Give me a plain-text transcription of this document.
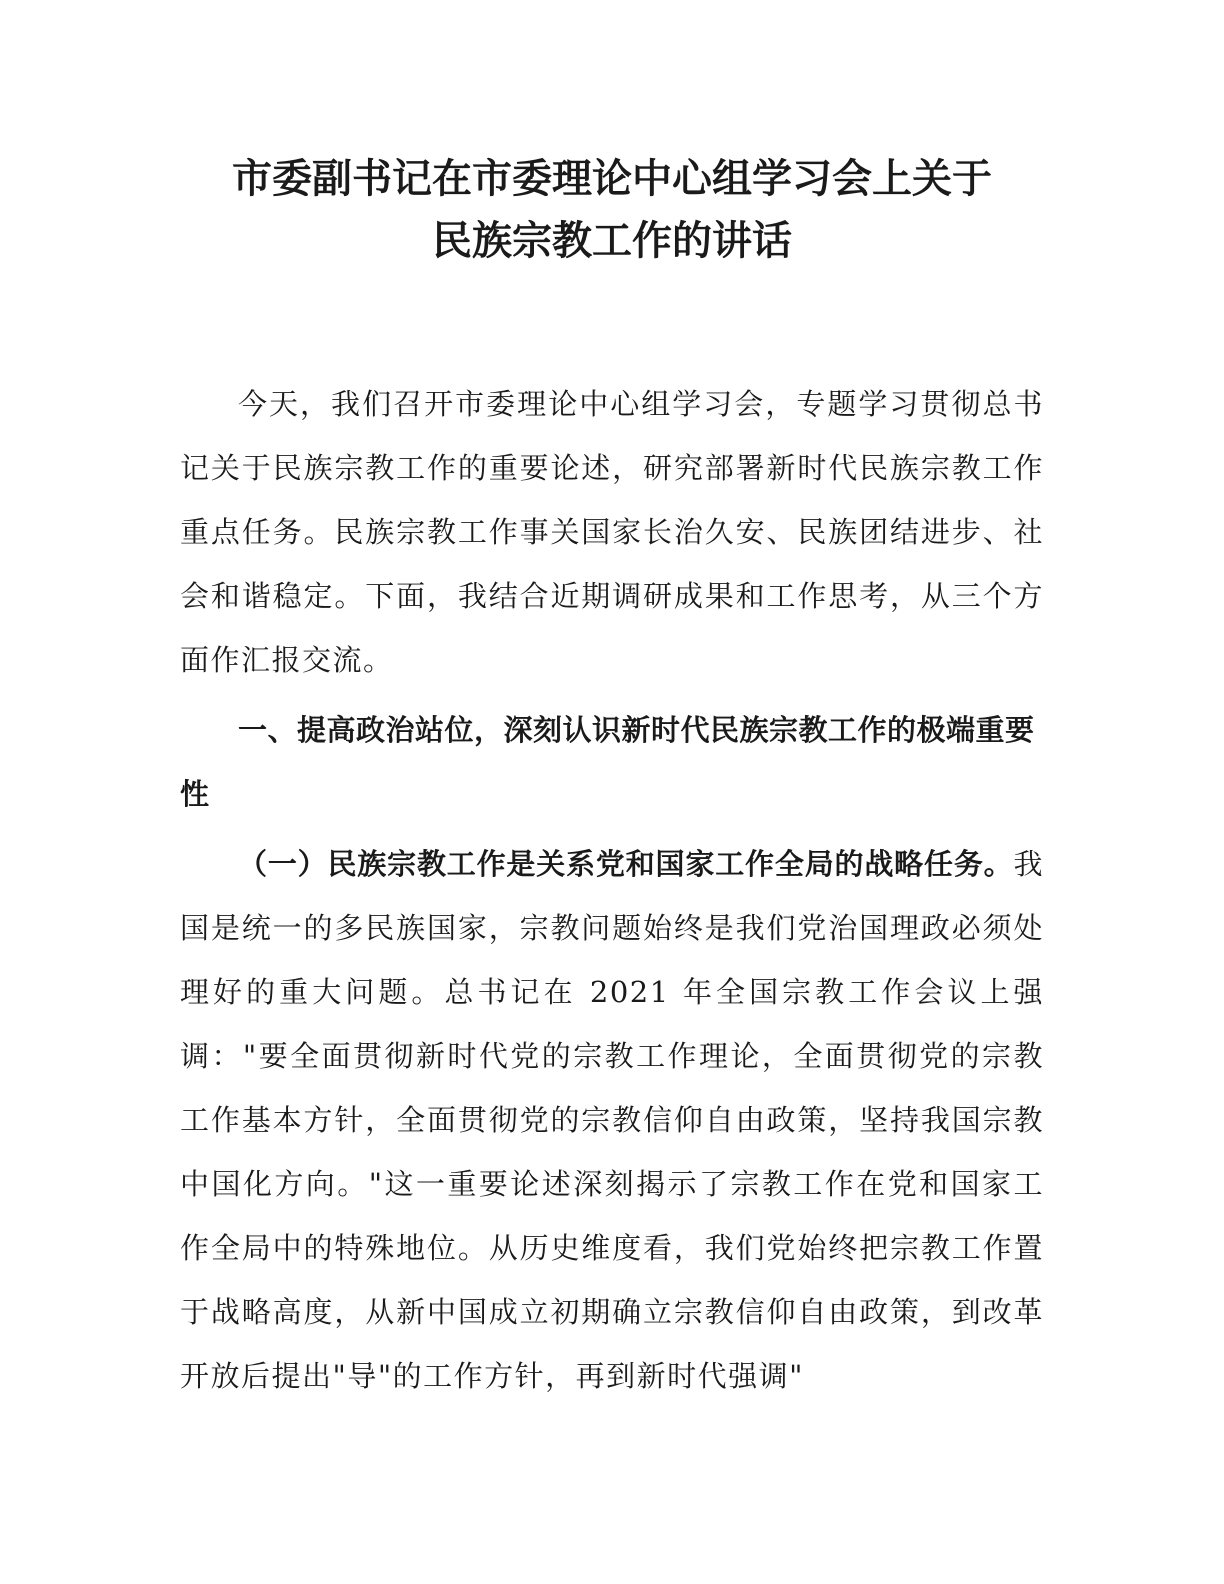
市委副书记在市委理论中心组学习会上关于
民族宗教工作的讲话

今天，我们召开市委理论中心组学习会，专题学习贯彻总书记关于民族宗教工作的重要论述，研究部署新时代民族宗教工作重点任务。民族宗教工作事关国家长治久安、民族团结进步、社会和谐稳定。下面，我结合近期调研成果和工作思考，从三个方面作汇报交流。

一、提高政治站位，深刻认识新时代民族宗教工作的极端重要性

（一）民族宗教工作是关系党和国家工作全局的战略任务。我国是统一的多民族国家，宗教问题始终是我们党治国理政必须处理好的重大问题。总书记在 2021 年全国宗教工作会议上强调："要全面贯彻新时代党的宗教工作理论，全面贯彻党的宗教工作基本方针，全面贯彻党的宗教信仰自由政策，坚持我国宗教中国化方向。"这一重要论述深刻揭示了宗教工作在党和国家工作全局中的特殊地位。从历史维度看，我们党始终把宗教工作置于战略高度，从新中国成立初期确立宗教信仰自由政策，到改革开放后提出"导"的工作方针，再到新时代强调"
